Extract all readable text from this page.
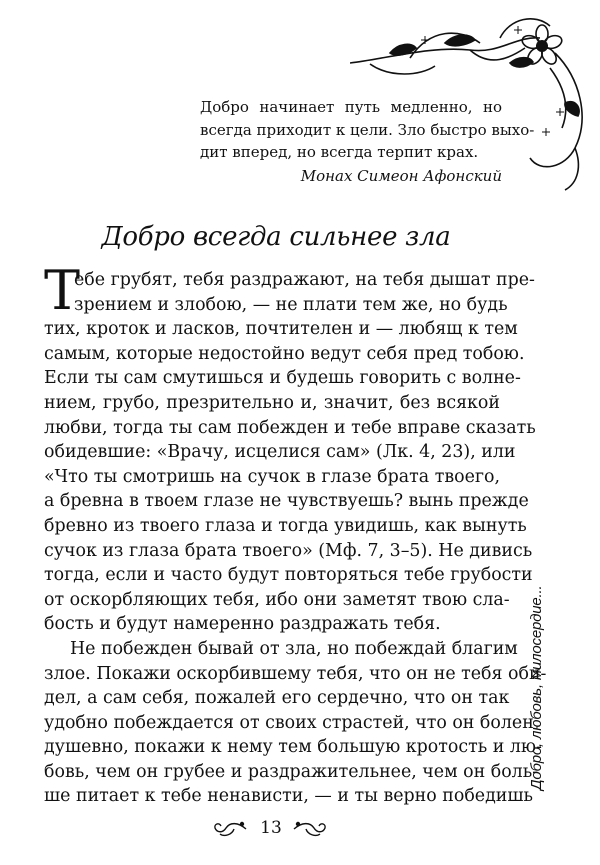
Добро начинает путь медленно, но
всегда приходит к цели. Зло быстро выхо-
дит вперед, но всегда терпит крах.
Монах Симеон Афонский
Добро всегда сильнее зла
Т
ебе грубят, тебя раздражают, на тебя дышат пре-
зрением и злобою, — не плати тем же, но будь
тих, кроток и ласков, почтителен и — любящ к тем
самым, которые недостойно ведут себя пред тобою.
Если ты сам смутишься и будешь говорить с волне-
нием, грубо, презрительно и, значит, без всякой
любви, тогда ты сам побежден и тебе вправе сказать
обидевшие: «Врачу, исцелися сам» (Лк. 4, 23), или
«Что ты смотришь на сучок в глазе брата твоего,
а бревна в твоем глазе не чувствуешь? вынь прежде
бревно из твоего глаза и тогда увидишь, как вынуть
сучок из глаза брата твоего» (Мф. 7, 3–5). Не дивись
тогда, если и часто будут повторяться тебе грубости
от оскорбляющих тебя, ибо они заметят твою сла-
бость и будут намеренно раздражать тебя.
Не побежден бывай от зла, но побеждай благим
злое. Покажи оскорбившему тебя, что он не тебя оби-
дел, а сам себя, пожалей его сердечно, что он так
удобно побеждается от своих страстей, что он болен
душевно, покажи к нему тем большую кротость и лю-
бовь, чем он грубее и раздражительнее, чем он боль-
ше питает к тебе ненависти, — и ты верно победишь
Добро, любовь, милосердие...
13
